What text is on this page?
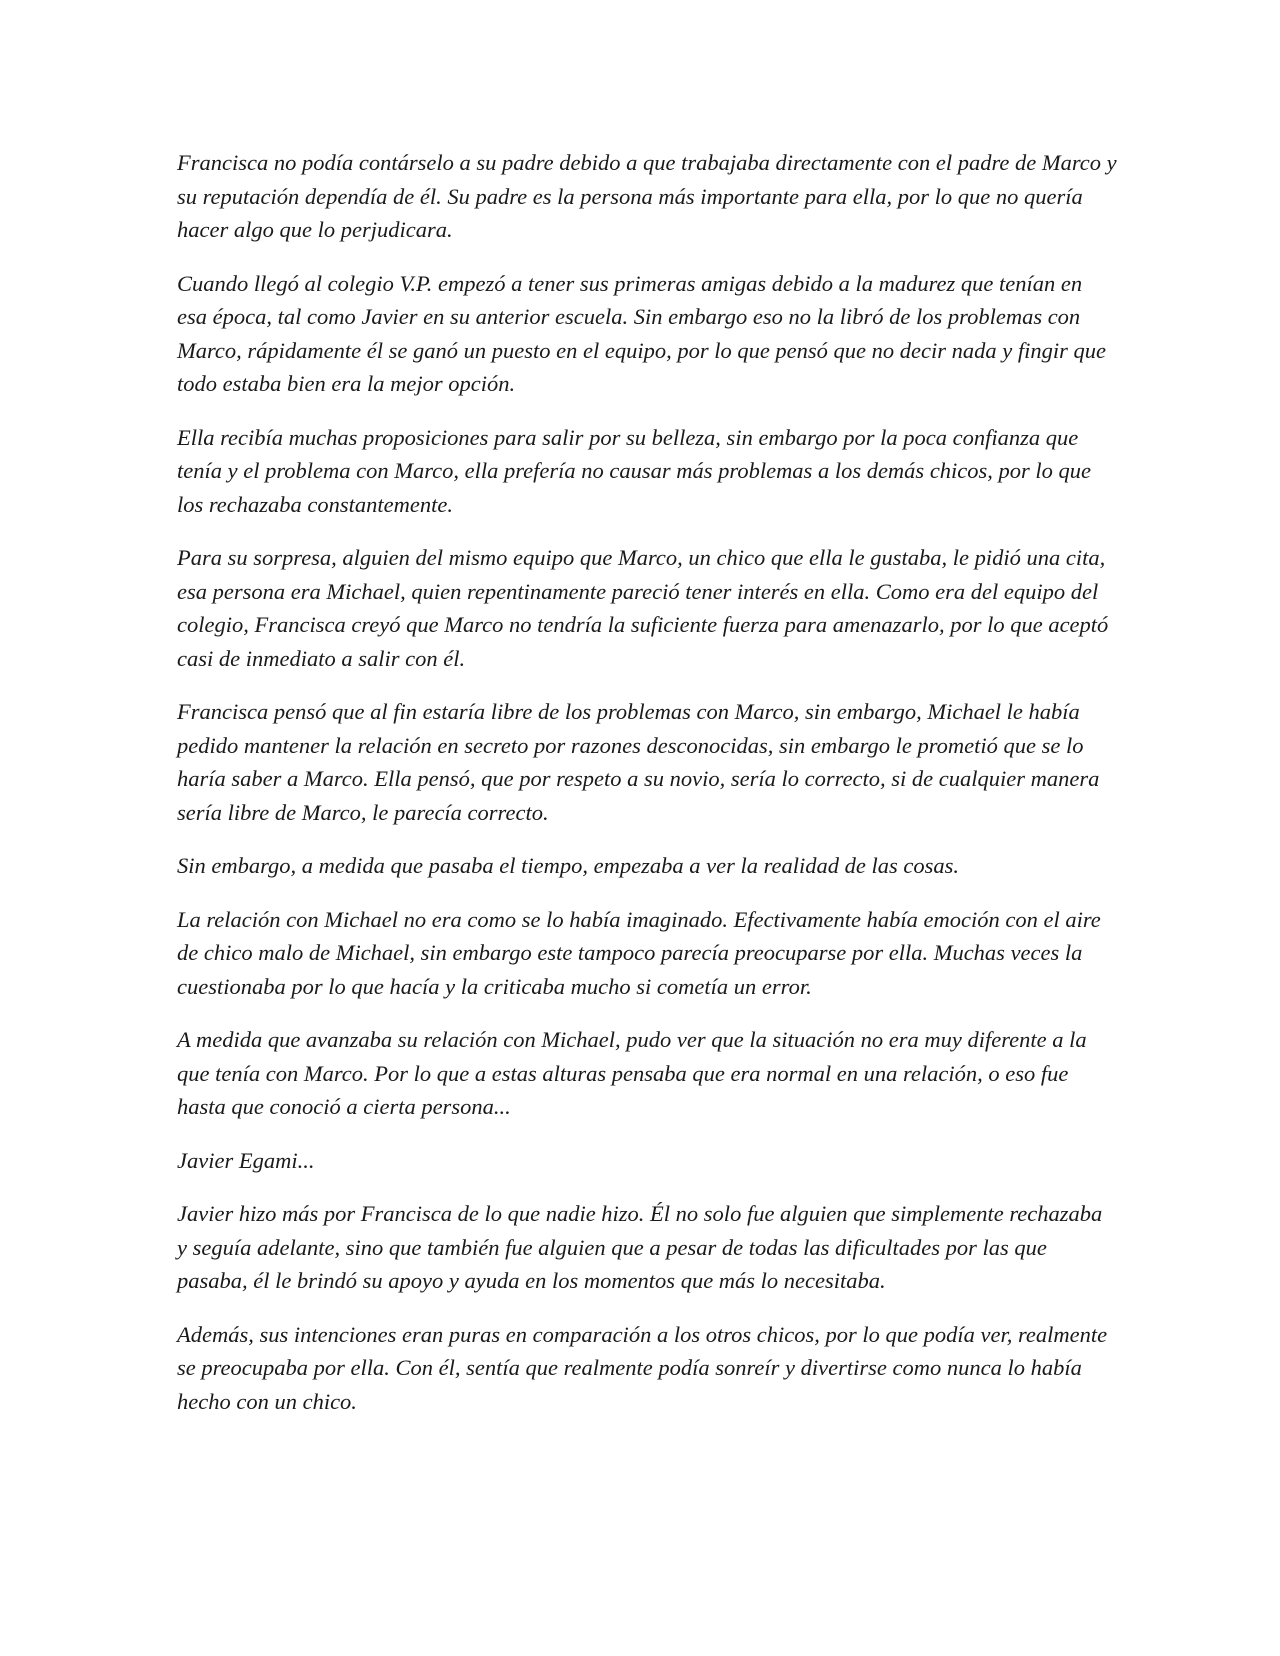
Francisca no podía contárselo a su padre debido a que trabajaba directamente con el padre de Marco y su reputación dependía de él. Su padre es la persona más importante para ella, por lo que no quería hacer algo que lo perjudicara.

Cuando llegó al colegio V.P. empezó a tener sus primeras amigas debido a la madurez que tenían en esa época, tal como Javier en su anterior escuela. Sin embargo eso no la libró de los problemas con Marco, rápidamente él se ganó un puesto en el equipo, por lo que pensó que no decir nada y fingir que todo estaba bien era la mejor opción.

Ella recibía muchas proposiciones para salir por su belleza, sin embargo por la poca confianza que tenía y el problema con Marco, ella prefería no causar más problemas a los demás chicos, por lo que los rechazaba constantemente.

Para su sorpresa, alguien del mismo equipo que Marco, un chico que ella le gustaba, le pidió una cita, esa persona era Michael, quien repentinamente pareció tener interés en ella. Como era del equipo del colegio, Francisca creyó que Marco no tendría la suficiente fuerza para amenazarlo, por lo que aceptó casi de inmediato a salir con él.

Francisca pensó que al fin estaría libre de los problemas con Marco, sin embargo, Michael le había pedido mantener la relación en secreto por razones desconocidas, sin embargo le prometió que se lo haría saber a Marco. Ella pensó, que por respeto a su novio, sería lo correcto, si de cualquier manera sería libre de Marco, le parecía correcto.

Sin embargo, a medida que pasaba el tiempo, empezaba a ver la realidad de las cosas.

La relación con Michael no era como se lo había imaginado. Efectivamente había emoción con el aire de chico malo de Michael, sin embargo este tampoco parecía preocuparse por ella. Muchas veces la cuestionaba por lo que hacía y la criticaba mucho si cometía un error.

A medida que avanzaba su relación con Michael, pudo ver que la situación no era muy diferente a la que tenía con Marco. Por lo que a estas alturas pensaba que era normal en una relación, o eso fue hasta que conoció a cierta persona...

Javier Egami...

Javier hizo más por Francisca de lo que nadie hizo. Él no solo fue alguien que simplemente rechazaba y seguía adelante, sino que también fue alguien que a pesar de todas las dificultades por las que pasaba, él le brindó su apoyo y ayuda en los momentos que más lo necesitaba.

Además, sus intenciones eran puras en comparación a los otros chicos, por lo que podía ver, realmente se preocupaba por ella. Con él, sentía que realmente podía sonreír y divertirse como nunca lo había hecho con un chico.
